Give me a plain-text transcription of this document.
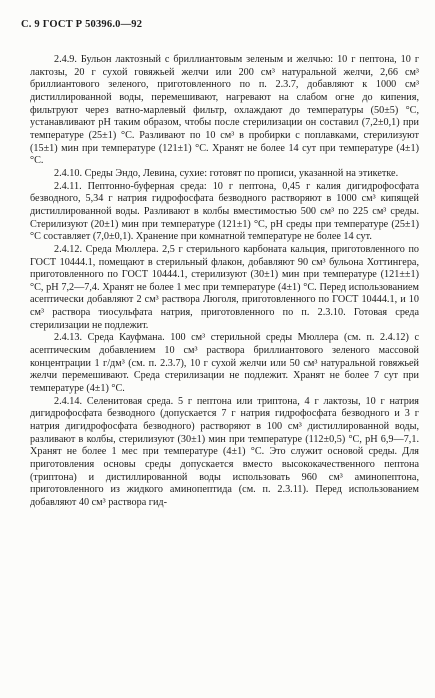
С. 9 ГОСТ Р 50396.0—92

2.4.9. Бульон лактозный с бриллиантовым зеленым и желчью: 10 г пептона, 10 г лактозы, 20 г сухой говяжьей желчи или 200 см³ натуральной желчи, 2,66 см³ бриллиантового зеленого, приготовленного по п. 2.3.7, добавляют к 1000 см³ дистиллированной воды, перемешивают, нагревают на слабом огне до кипения, фильтруют через ватно-марлевый фильтр, охлаждают до температуры (50±5) °С, устанавливают рН таким образом, чтобы после стерилизации он составил (7,2±0,1) при температуре (25±1) °С. Разливают по 10 см³ в пробирки с поплавками, стерилизуют (15±1) мин при температуре (121±1) °С. Хранят не более 14 сут при температуре (4±1) °С.

2.4.10. Среды Эндо, Левина, сухие: готовят по прописи, указанной на этикетке.

2.4.11. Пептонно-буферная среда: 10 г пептона, 0,45 г калия дигидрофосфата безводного, 5,34 г натрия гидрофосфата безводного растворяют в 1000 см³ кипящей дистиллированной воды. Разливают в колбы вместимостью 500 см³ по 225 см³ среды. Стерилизуют (20±1) мин при температуре (121±1) °С, рН среды при температуре (25±1) °С составляет (7,0±0,1). Хранение при комнатной температуре не более 14 сут.

2.4.12. Среда Мюллера. 2,5 г стерильного карбоната кальция, приготовленного по ГОСТ 10444.1, помещают в стерильный флакон, добавляют 90 см³ бульона Хоттингера, приготовленного по ГОСТ 10444.1, стерилизуют (30±1) мин при температуре (121±±1) °С, рН 7,2—7,4. Хранят не более 1 мес при температуре (4±1) °С. Перед использованием асептически добавляют 2 см³ раствора Люголя, приготовленного по ГОСТ 10444.1, и 10 см³ раствора тиосульфата натрия, приготовленного по п. 2.3.10. Готовая среда стерилизации не подлежит.

2.4.13. Среда Кауфмана. 100 см³ стерильной среды Мюллера (см. п. 2.4.12) с асептическим добавлением 10 см³ раствора бриллиантового зеленого массовой концентрации 1 г/дм³ (см. п. 2.3.7), 10 г сухой желчи или 50 см³ натуральной говяжьей желчи перемешивают. Среда стерилизации не подлежит. Хранят не более 7 сут при температуре (4±1) °С.

2.4.14. Селенитовая среда. 5 г пептона или триптона, 4 г лактозы, 10 г натрия дигидрофосфата безводного (допускается 7 г натрия гидрофосфата безводного и 3 г натрия дигидрофосфата безводного) растворяют в 100 см³ дистиллированной воды, разливают в колбы, стерилизуют (30±1) мин при температуре (112±0,5) °С, рН 6,9—7,1. Хранят не более 1 мес при температуре (4±1) °С. Это служит основой среды. Для приготовления основы среды допускается вместо высококачественного пептона (триптона) и дистиллированной воды использовать 960 см³ аминопептона, приготовленного из жидкого аминопептида (см. п. 2.3.11). Перед использованием добавляют 40 см³ раствора гид-
